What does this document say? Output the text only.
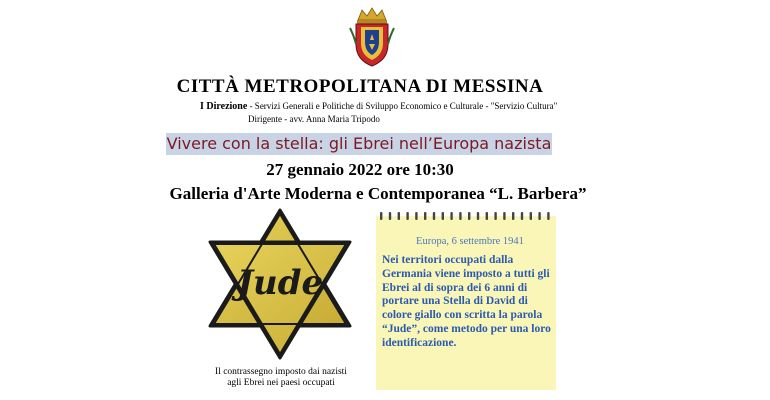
CITTÀ METROPOLITANA DI MESSINA
I Direzione - Servizi Generali e Politiche di Sviluppo Economico e Culturale - "Servizio Cultura"
Dirigente - avv. Anna Maria Tripodo
Vivere con la stella: gli Ebrei nell’Europa nazista
27 gennaio 2022 ore 10:30
Galleria d'Arte Moderna e Contemporanea “L. Barbera”
Jude
Il contrassegno imposto dai nazisti
agli Ebrei nei paesi occupati
Europa, 6 settembre 1941
Nei territori occupati dalla Germania viene imposto a tutti gli Ebrei al di sopra dei 6 anni di portare una Stella di David di colore giallo con scritta la parola “Jude”, come metodo per una loro identificazione.
